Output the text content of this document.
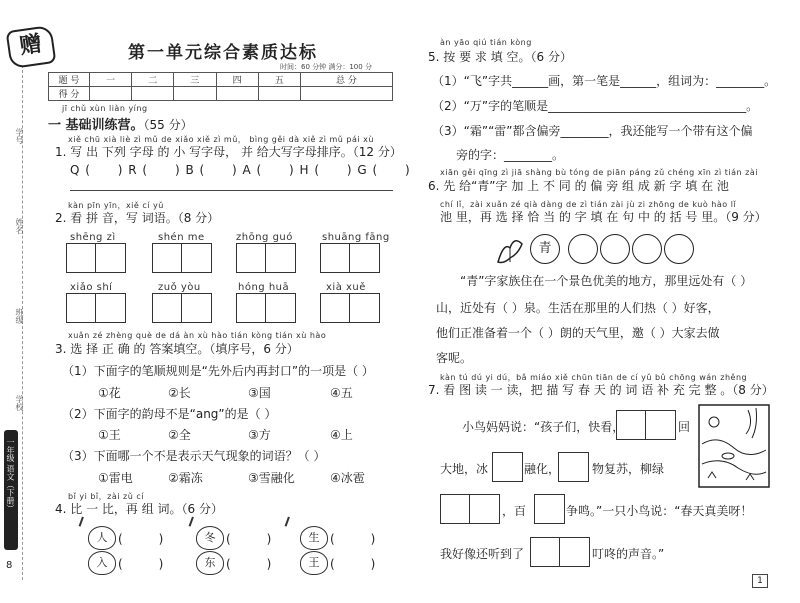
学号
姓名
班级
学校
一年级 语文（下册）
8
赠	第一单元综合素质达标
时间：60 分钟 满分：100 分
题 号	一	二	三	四	五	总 分
得 分						
jī chǔ xùn liàn yíng
一 基础训练营。（55 分）
xiě chū xià liè zì mǔ de xiǎo xiě zì mǔ， bìng gěi dà xiě zì mǔ pái xù
1. 写 出 下列 字母 的 小 写字母， 并 给大写字母排序。（12 分）
Q ( ) R ( ) B ( ) A ( ) H ( ) G ( )
kàn pīn yīn，xiě cí yǔ
2. 看 拼 音，写 词语。（8 分）
shēng zì	shén me	zhōng guó	shuāng fāng
xiǎo shí	zuǒ yòu	hóng huā	xià xuě
xuǎn zé zhèng què de dá àn xù hào tián kòng tián xù hào
3. 选 择 正 确 的 答案填空。（填序号，6 分）
（1）下面字的笔顺规则是“先外后内再封口”的一项是（ ）
①花	②长	③国	④五
（2）下面字的韵母不是“ang”的是（ ）
①王	②全	③方	④上
（3）下面哪一个不是表示天气现象的词语？（ ）
①雷电	②霜冻	③雪融化	④冰雹
bǐ yi bǐ，zài zǔ cí
4. 比 一 比，再 组 词。（6 分）
人
入
(　　　)
(　　　)
冬
东
(　　　)
(　　　)
生
王
(　　　)
(　　　)
àn yāo qiú tián kòng
5. 按 要 求 填 空。（6 分）
（1）“飞”字共______画，第一笔是______，组词为：________。
（2）“万”字的笔顺是_________________________________。
（3）“霜”“雷”都含偏旁________，我还能写一个带有这个偏
旁的字：________。
xiān gěi qīng zì jiā shàng bù tóng de piān páng zǔ chéng xīn zì tián zài
6. 先 给“青”字 加 上 不 同 的 偏 旁 组 成 新 字 填 在 池
chí lǐ，zài xuǎn zé qià dàng de zì tián zài jù zi zhōng de kuò hào lǐ
池 里，再 选 择 恰 当 的 字 填 在 句 中 的 括 号 里。（9 分）
青
“青”字家族住在一个景色优美的地方，那里远处有（ ）
山，近处有（ ）泉。生活在那里的人们热（ ）好客，
他们正准备着一个（ ）朗的天气里，邀（ ）大家去做
客呢。
kàn tú dú yi dú，bǎ miáo xiě chūn tiān de cí yǔ bǔ chōng wán zhěng
7. 看 图 读 一 读，把 描 写 春 天 的 词 语 补 充 完 整 。（8 分）
小鸟妈妈说：“孩子们，快看，	回
大地，冰	融化，	物复苏，柳绿
，百	争鸣。”一只小鸟说：“春天真美呀！
我好像还听到了	叮咚的声音。”
1
